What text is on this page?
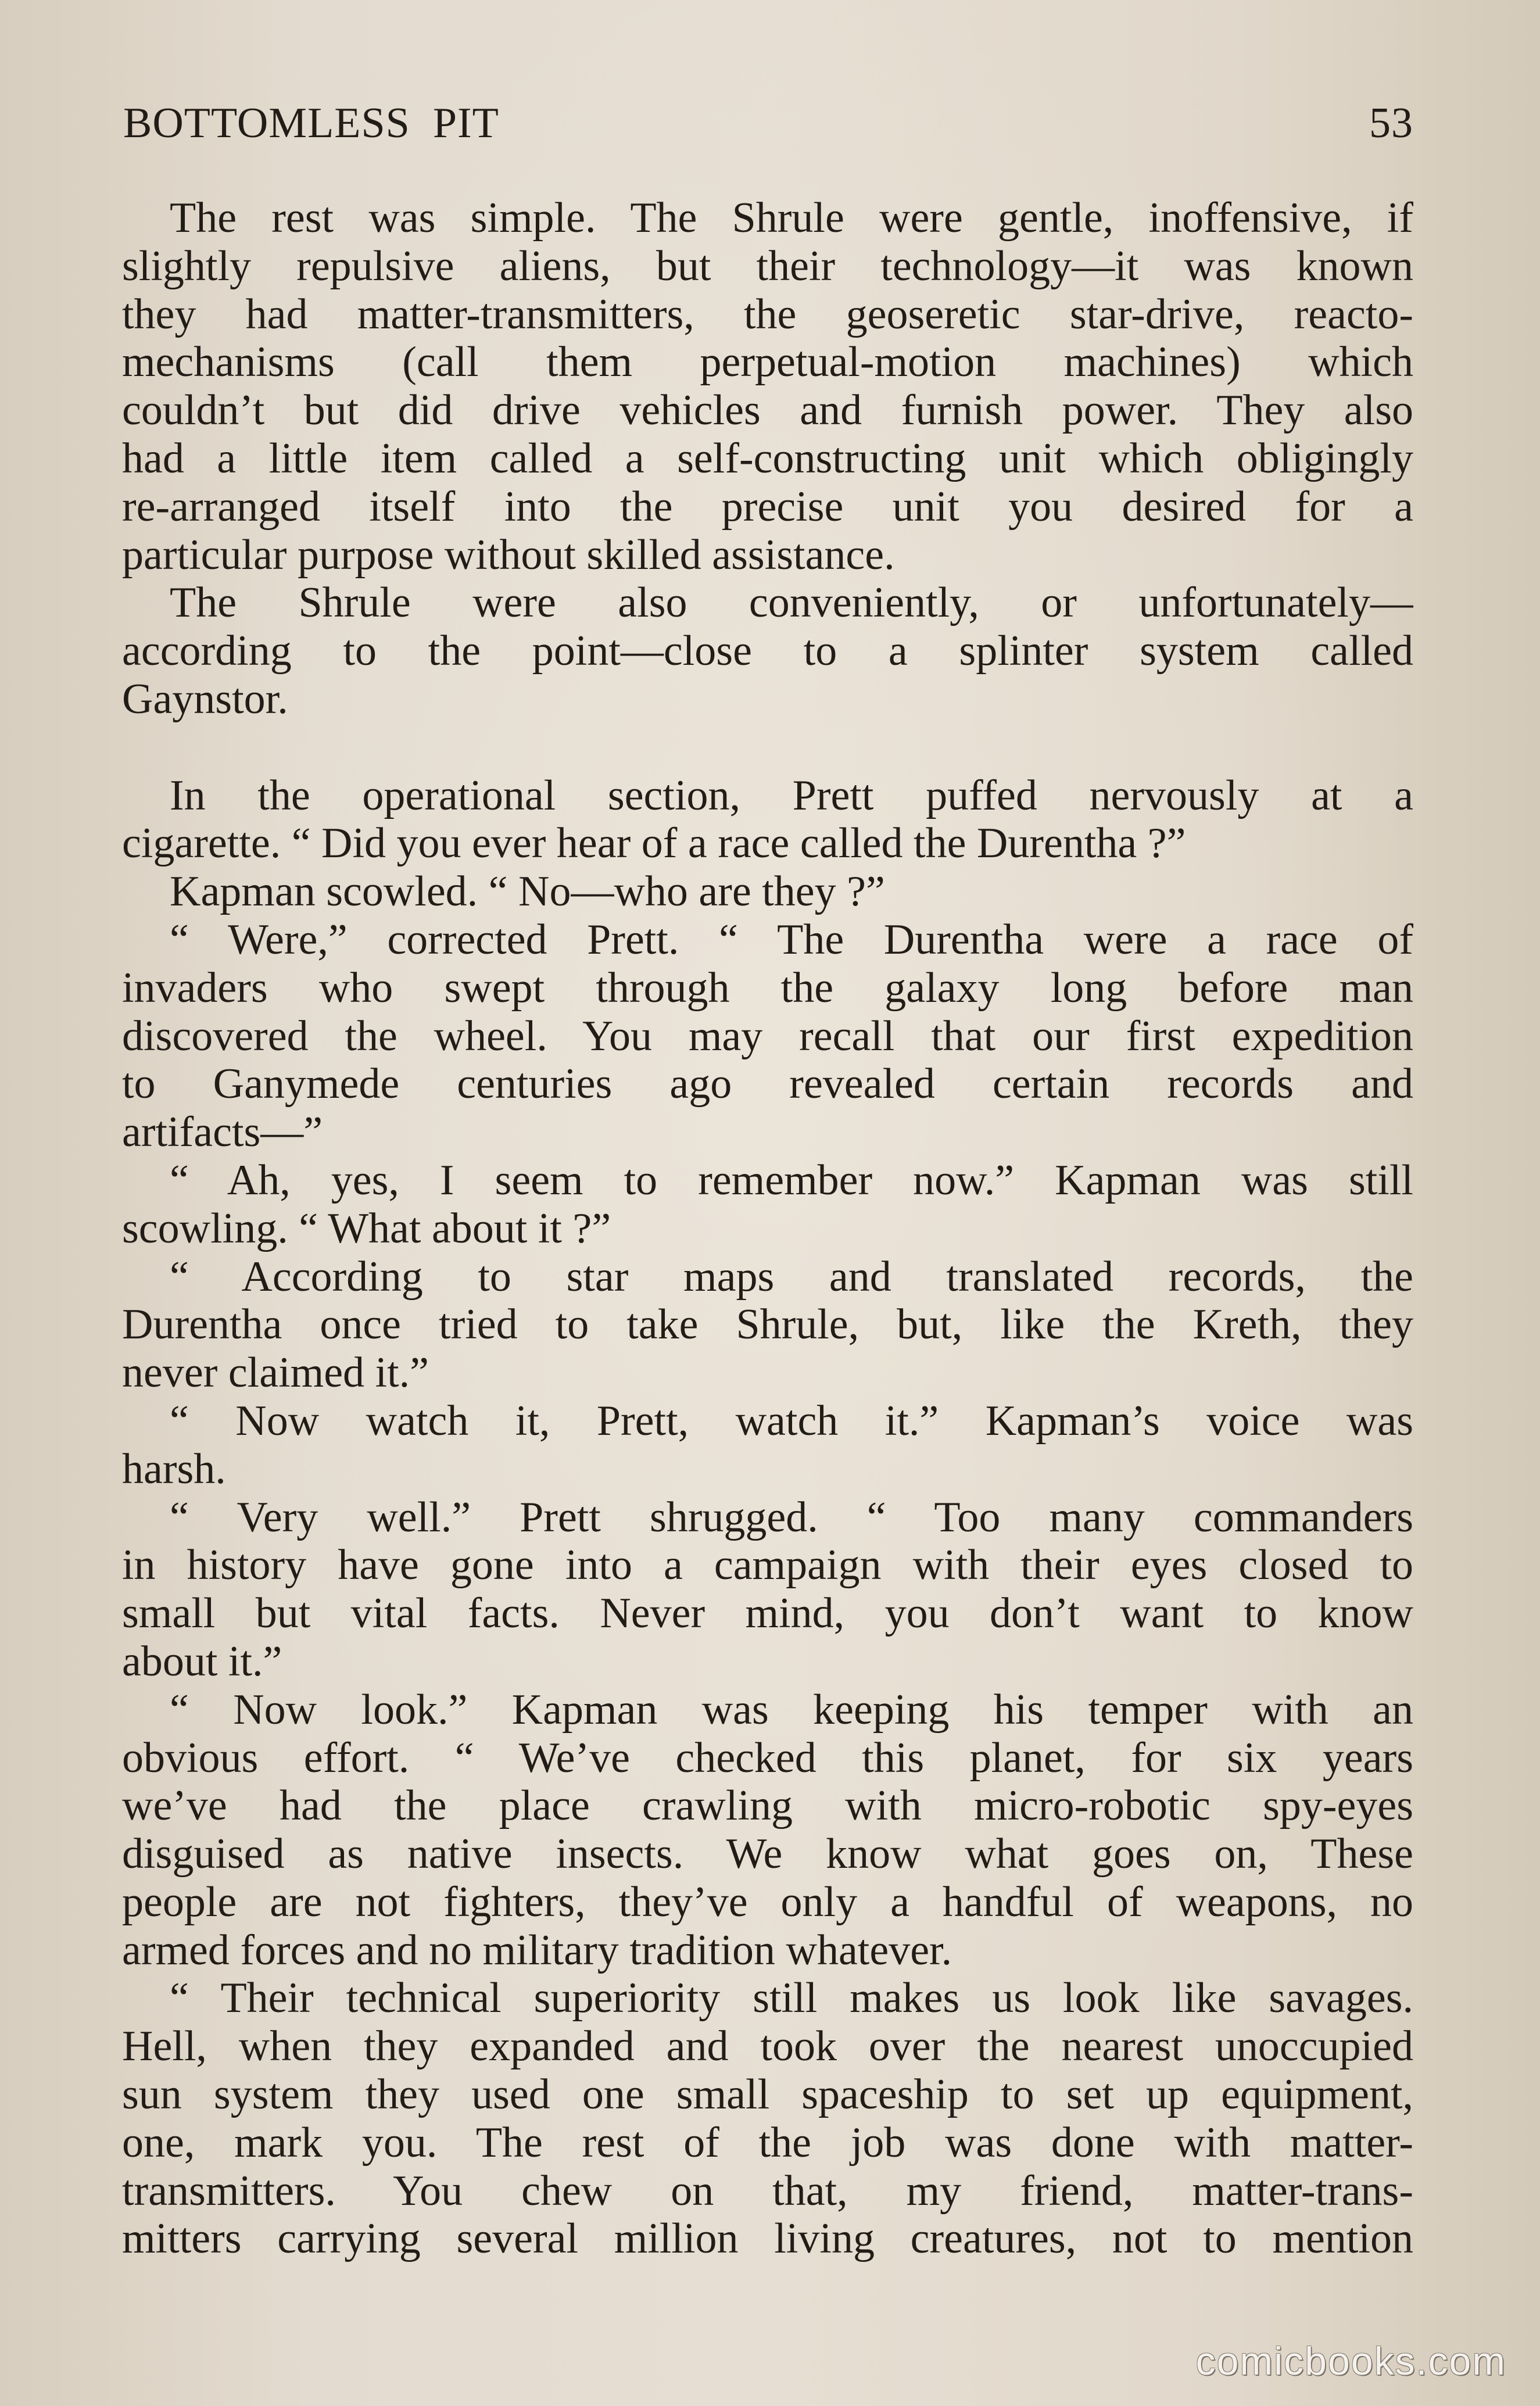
BOTTOMLESS  PIT	53
The rest was simple. The Shrule were gentle, inoffensive, if
slightly repulsive aliens, but their technology—it was known
they had matter-transmitters, the geoseretic star-drive, reacto-
mechanisms (call them perpetual-motion machines) which
couldn’t but did drive vehicles and furnish power. They also
had a little item called a self-constructing unit which obligingly
re-arranged itself into the precise unit you desired for a
particular purpose without skilled assistance.
The Shrule were also conveniently, or unfortunately—
according to the point—close to a splinter system called
Gaynstor.
In the operational section, Prett puffed nervously at a
cigarette. “ Did you ever hear of a race called the Durentha ?”
Kapman scowled. “ No—who are they ?”
“ Were,” corrected Prett. “ The Durentha were a race of
invaders who swept through the galaxy long before man
discovered the wheel. You may recall that our first expedition
to Ganymede centuries ago revealed certain records and
artifacts—”
“ Ah, yes, I seem to remember now.” Kapman was still
scowling. “ What about it ?”
“ According to star maps and translated records, the
Durentha once tried to take Shrule, but, like the Kreth, they
never claimed it.”
“ Now watch it, Prett, watch it.” Kapman’s voice was
harsh.
“ Very well.” Prett shrugged. “ Too many commanders
in history have gone into a campaign with their eyes closed to
small but vital facts. Never mind, you don’t want to know
about it.”
“ Now look.” Kapman was keeping his temper with an
obvious effort. “ We’ve checked this planet, for six years
we’ve had the place crawling with micro-robotic spy-eyes
disguised as native insects. We know what goes on, These
people are not fighters, they’ve only a handful of weapons, no
armed forces and no military tradition whatever.
“ Their technical superiority still makes us look like savages.
Hell, when they expanded and took over the nearest unoccupied
sun system they used one small spaceship to set up equipment,
one, mark you. The rest of the job was done with matter-
transmitters. You chew on that, my friend, matter-trans-
mitters carrying several million living creatures, not to mention
comicbooks.com
